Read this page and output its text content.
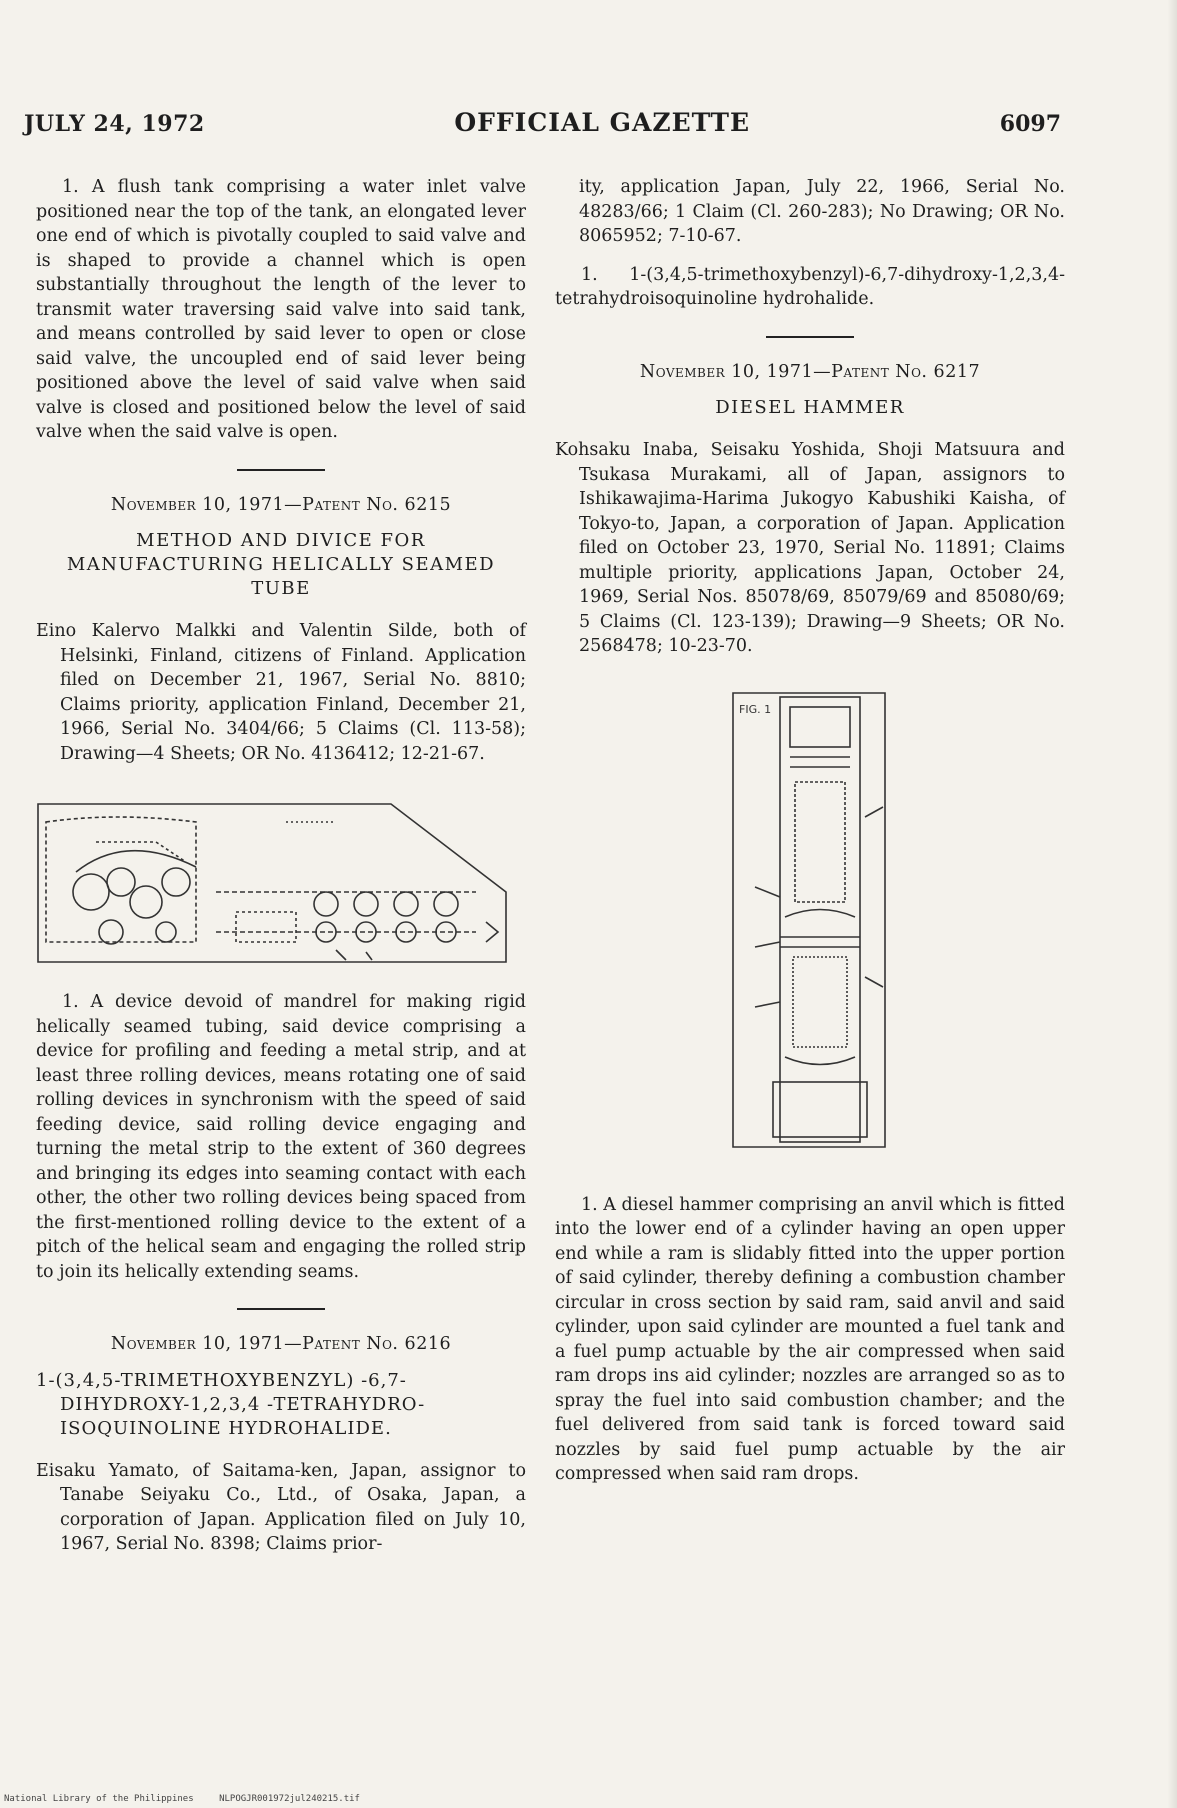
JULY 24, 1972	OFFICIAL GAZETTE	6097

1. A flush tank comprising a water inlet valve positioned near the top of the tank, an elongated lever one end of which is pivotally coupled to said valve and is shaped to provide a channel which is open substantially throughout the length of the lever to transmit water traversing said valve into said tank, and means controlled by said lever to open or close said valve, the uncoupled end of said lever being positioned above the level of said valve when said valve is closed and positioned below the level of said valve when the said valve is open.

November 10, 1971—Patent No. 6215
METHOD AND DIVICE FOR MANUFACTURING HELICALLY SEAMED TUBE

Eino Kalervo Malkki and Valentin Silde, both of Helsinki, Finland, citizens of Finland. Application filed on December 21, 1967, Serial No. 8810; Claims priority, application Finland, December 21, 1966, Serial No. 3404/66; 5 Claims (Cl. 113-58); Drawing—4 Sheets; OR No. 4136412; 12-21-67.

1. A device devoid of mandrel for making rigid helically seamed tubing, said device comprising a device for profiling and feeding a metal strip, and at least three rolling devices, means rotating one of said rolling devices in synchronism with the speed of said feeding device, said rolling device engaging and turning the metal strip to the extent of 360 degrees and bringing its edges into seaming contact with each other, the other two rolling devices being spaced from the first-mentioned rolling device to the extent of a pitch of the helical seam and engaging the rolled strip to join its helically extending seams.

November 10, 1971—Patent No. 6216
1-(3,4,5-TRIMETHOXYBENZYL) -6,7-DIHYDROXY-1,2,3,4 -TETRAHYDRO- ISOQUINOLINE HYDROHALIDE.

Eisaku Yamato, of Saitama-ken, Japan, assignor to Tanabe Seiyaku Co., Ltd., of Osaka, Japan, a corporation of Japan. Application filed on July 10, 1967, Serial No. 8398; Claims prior-

ity, application Japan, July 22, 1966, Serial No. 48283/66; 1 Claim (Cl. 260-283); No Drawing; OR No. 8065952; 7-10-67.

1. 1-(3,4,5-trimethoxybenzyl)-6,7-dihydroxy-1,2,3,4-tetrahydroisoquinoline hydrohalide.

November 10, 1971—Patent No. 6217
DIESEL HAMMER

Kohsaku Inaba, Seisaku Yoshida, Shoji Matsuura and Tsukasa Murakami, all of Japan, assignors to Ishikawajima-Harima Jukogyo Kabushiki Kaisha, of Tokyo-to, Japan, a corporation of Japan. Application filed on October 23, 1970, Serial No. 11891; Claims multiple priority, applications Japan, October 24, 1969, Serial Nos. 85078/69, 85079/69 and 85080/69; 5 Claims (Cl. 123-139); Drawing—9 Sheets; OR No. 2568478; 10-23-70.

FIG. 1

1. A diesel hammer comprising an anvil which is fitted into the lower end of a cylinder having an open upper end while a ram is slidably fitted into the upper portion of said cylinder, thereby defining a combustion chamber circular in cross section by said ram, said anvil and said cylinder, upon said cylinder are mounted a fuel tank and a fuel pump actuable by the air compressed when said ram drops ins aid cylinder; nozzles are arranged so as to spray the fuel into said combustion chamber; and the fuel delivered from said tank is forced toward said nozzles by said fuel pump actuable by the air compressed when said ram drops.

National Library of the Philippines	NLPOGJR001972jul240215.tif
